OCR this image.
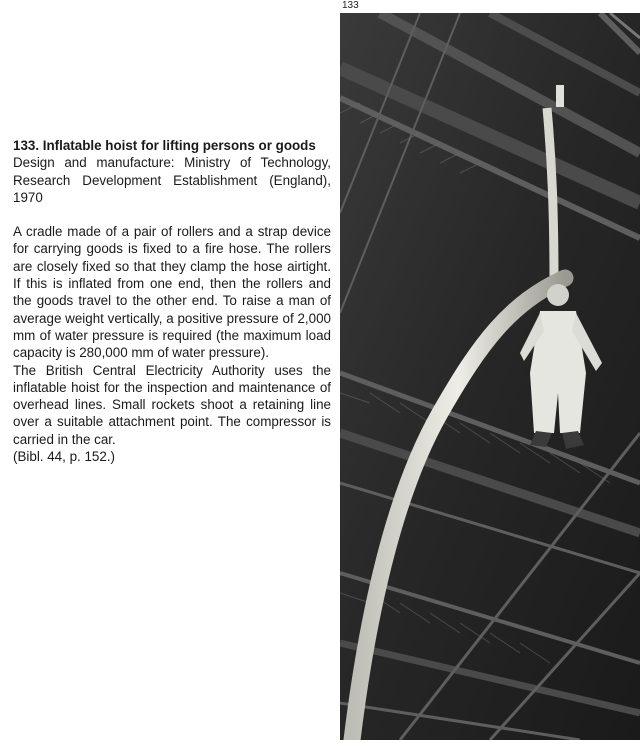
133

133. Inflatable hoist for lifting persons or goods

Design and manufacture: Ministry of Technology, Research Development Establishment (England), 1970

A cradle made of a pair of rollers and a strap device for carrying goods is fixed to a fire hose. The rollers are closely fixed so that they clamp the hose airtight. If this is inflated from one end, then the rollers and the goods travel to the other end. To raise a man of average weight vertically, a positive pressure of 2,000 mm of water pressure is required (the maximum load capacity is 280,000 mm of water pressure).

The British Central Electricity Authority uses the inflatable hoist for the inspection and maintenance of overhead lines. Small rockets shoot a retaining line over a suitable attachment point. The compressor is carried in the car.

(Bibl. 44, p. 152.)
